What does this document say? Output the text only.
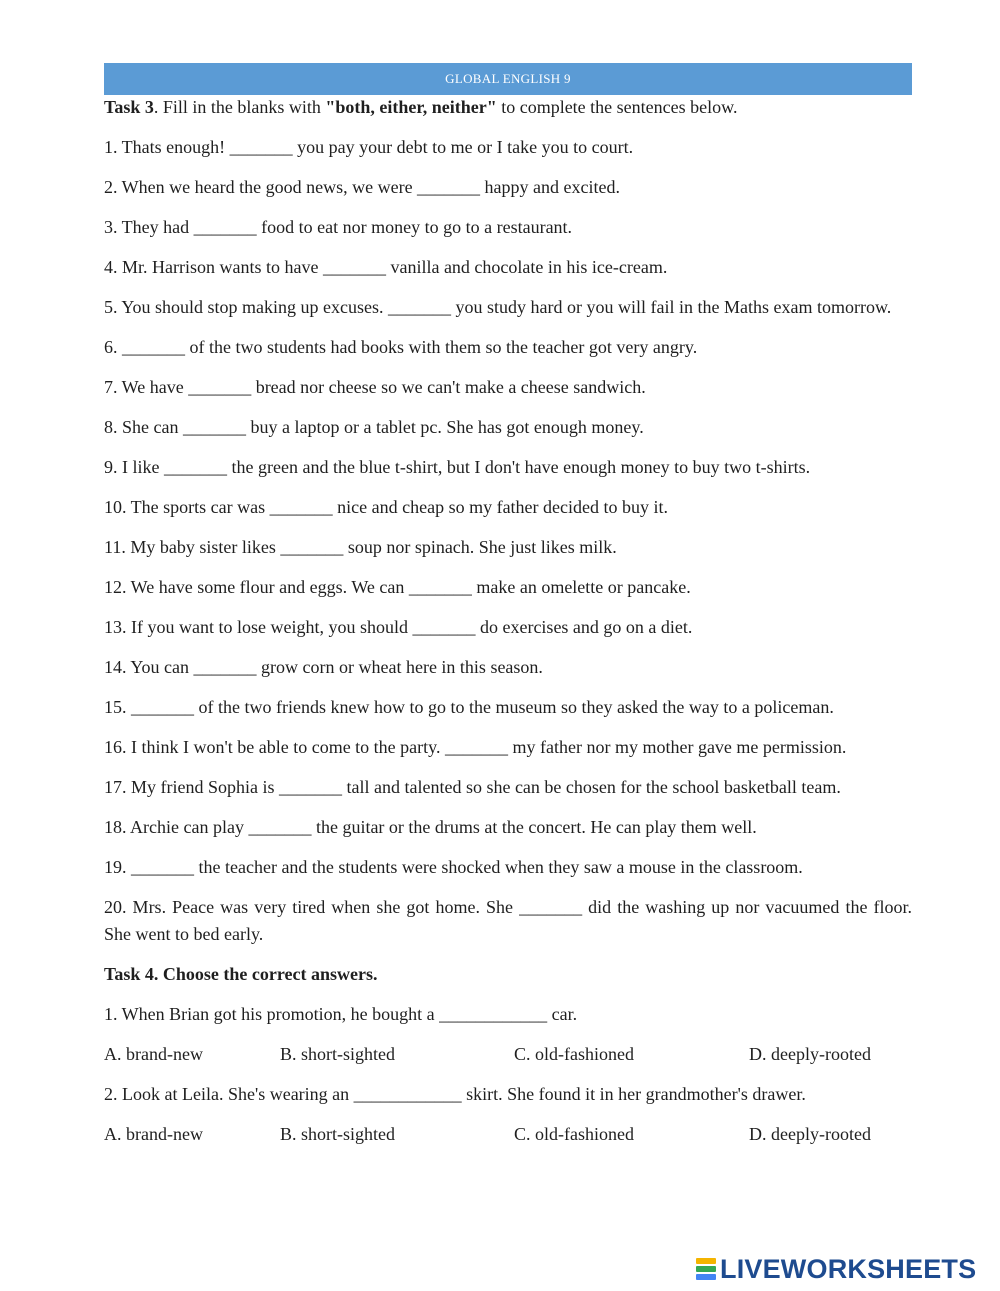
GLOBAL ENGLISH 9

Task 3. Fill in the blanks with "both, either, neither" to complete the sentences below.

1. Thats enough! _______ you pay your debt to me or I take you to court.

2. When we heard the good news, we were _______ happy and excited.

3. They had _______ food to eat nor money to go to a restaurant.

4. Mr. Harrison wants to have _______ vanilla and chocolate in his ice-cream.

5. You should stop making up excuses. _______ you study hard or you will fail in the Maths exam tomorrow.

6. _______ of the two students had books with them so the teacher got very angry.

7. We have _______ bread nor cheese so we can't make a cheese sandwich.

8. She can _______ buy a laptop or a tablet pc. She has got enough money.

9. I like _______ the green and the blue t-shirt, but I don't have enough money to buy two t-shirts.

10. The sports car was _______ nice and cheap so my father decided to buy it.

11. My baby sister likes _______ soup nor spinach. She just likes milk.

12. We have some flour and eggs. We can _______ make an omelette or pancake.

13. If you want to lose weight, you should _______ do exercises and go on a diet.

14. You can _______ grow corn or wheat here in this season.

15. _______ of the two friends knew how to go to the museum so they asked the way to a policeman.

16. I think I won't be able to come to the party. _______ my father nor my mother gave me permission.

17. My friend Sophia is _______ tall and talented so she can be chosen for the school basketball team.

18. Archie can play _______ the guitar or the drums at the concert. He can play them well.

19. _______ the teacher and the students were shocked when they saw a mouse in the classroom.

20. Mrs. Peace was very tired when she got home. She _______ did the washing up nor vacuumed the floor. She went to bed early.

Task 4. Choose the correct answers.

1. When Brian got his promotion, he bought a ____________ car.

A. brand-new	B. short-sighted	C. old-fashioned	D. deeply-rooted

2. Look at Leila. She's wearing an ____________ skirt. She found it in her grandmother's drawer.

A. brand-new	B. short-sighted	C. old-fashioned	D. deeply-rooted
LIVEWORKSHEETS
